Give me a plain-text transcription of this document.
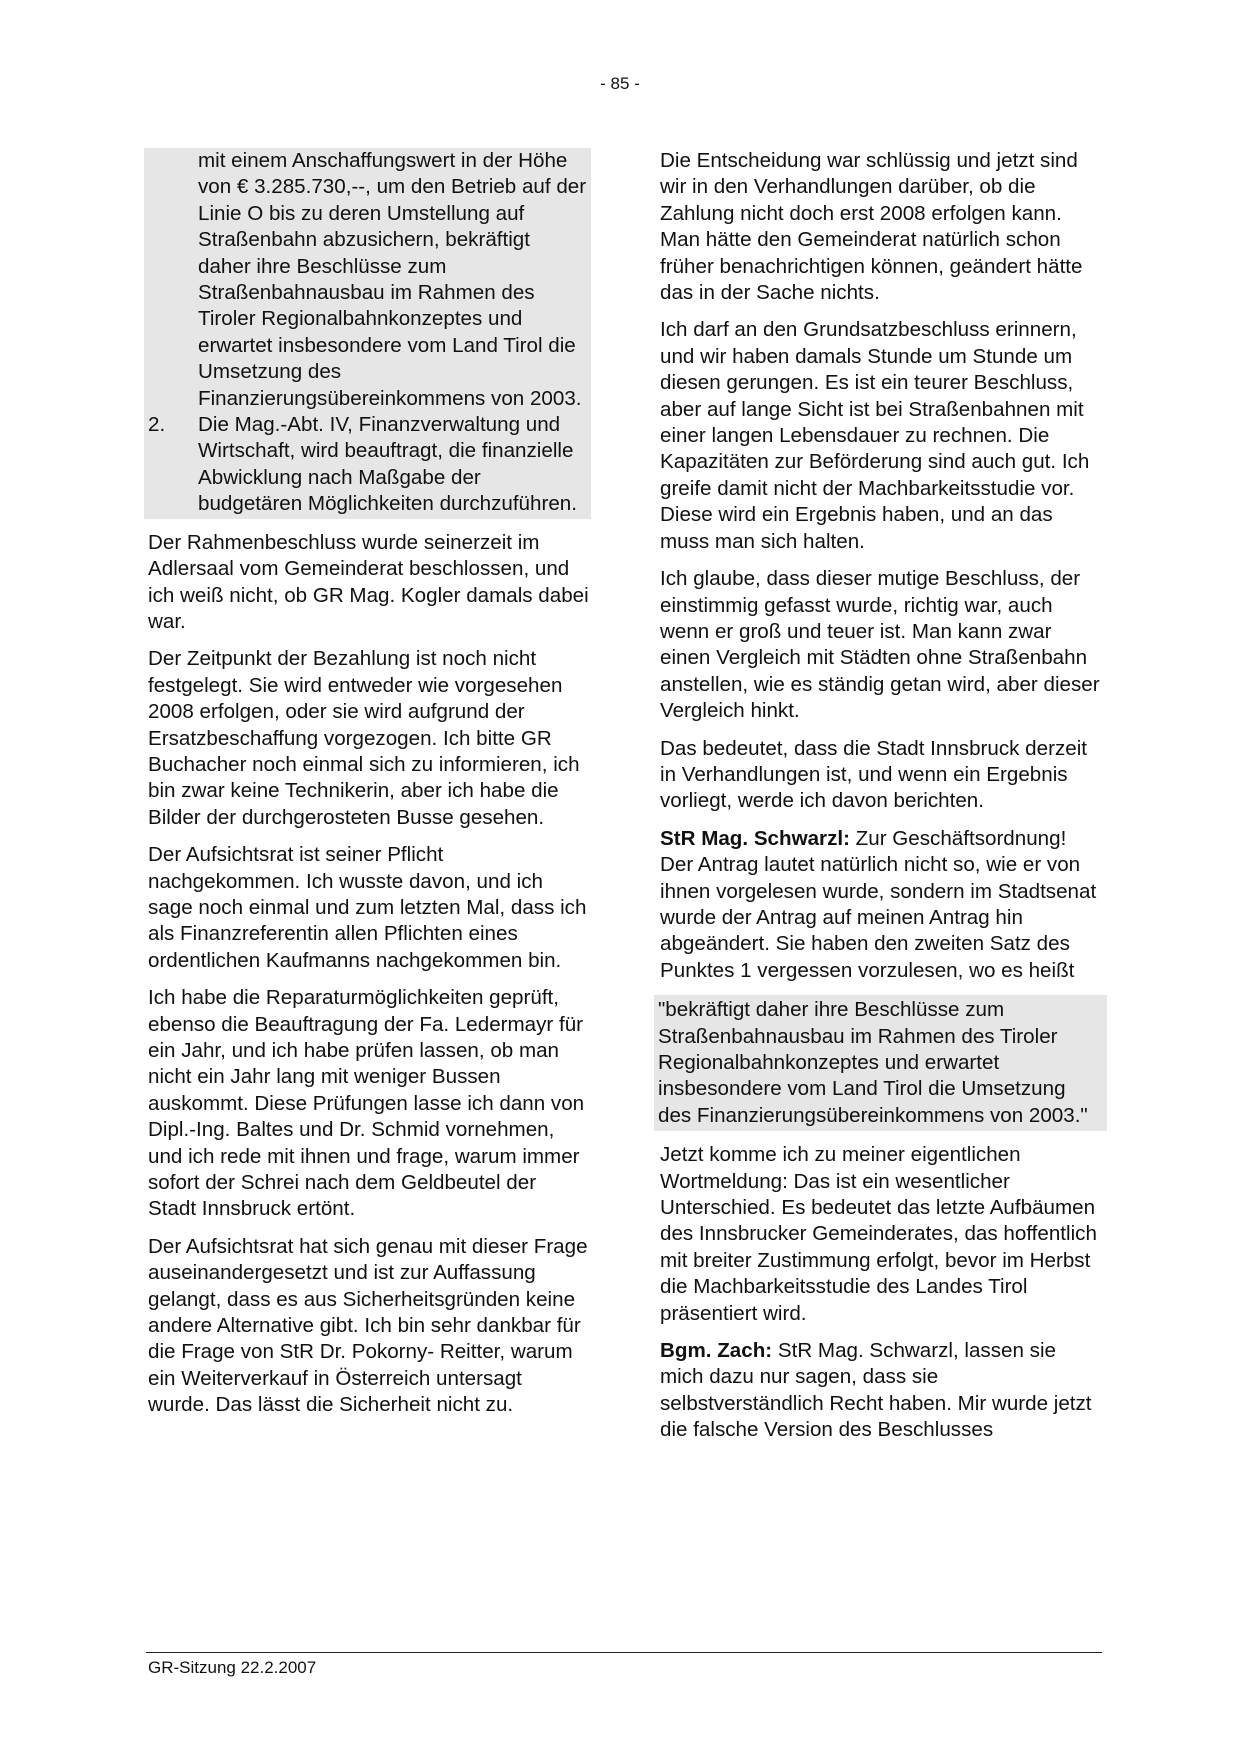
- 85 -

mit einem Anschaffungswert in der Höhe von € 3.285.730,--, um den Betrieb auf der Linie O bis zu deren Umstellung auf Straßenbahn abzusichern, bekräftigt daher ihre Beschlüsse zum Straßenbahnausbau im Rahmen des Tiroler Regionalbahnkonzeptes und erwartet insbesondere vom Land Tirol die Umsetzung des Finanzierungsübereinkommens von 2003.

2.	Die Mag.-Abt. IV, Finanzverwaltung und Wirtschaft, wird beauftragt, die finanzielle Abwicklung nach Maßgabe der budgetären Möglichkeiten durchzuführen.

Der Rahmenbeschluss wurde seinerzeit im Adlersaal vom Gemeinderat beschlossen, und ich weiß nicht, ob GR Mag. Kogler damals dabei war.

Der Zeitpunkt der Bezahlung ist noch nicht festgelegt. Sie wird entweder wie vorgesehen 2008 erfolgen, oder sie wird aufgrund der Ersatzbeschaffung vorgezogen. Ich bitte GR Buchacher noch einmal sich zu informieren, ich bin zwar keine Technikerin, aber ich habe die Bilder der durchgerosteten Busse gesehen.

Der Aufsichtsrat ist seiner Pflicht nachgekommen. Ich wusste davon, und ich sage noch einmal und zum letzten Mal, dass ich als Finanzreferentin allen Pflichten eines ordentlichen Kaufmanns nachgekommen bin.

Ich habe die Reparaturmöglichkeiten geprüft, ebenso die Beauftragung der Fa. Ledermayr für ein Jahr, und ich habe prüfen lassen, ob man nicht ein Jahr lang mit weniger Bussen auskommt. Diese Prüfungen lasse ich dann von Dipl.-Ing. Baltes und Dr. Schmid vornehmen, und ich rede mit ihnen und frage, warum immer sofort der Schrei nach dem Geldbeutel der Stadt Innsbruck ertönt.

Der Aufsichtsrat hat sich genau mit dieser Frage auseinandergesetzt und ist zur Auffassung gelangt, dass es aus Sicherheitsgründen keine andere Alternative gibt. Ich bin sehr dankbar für die Frage von StR Dr. Pokorny- Reitter, warum ein Weiterverkauf in Österreich untersagt wurde. Das lässt die Sicherheit nicht zu.

Die Entscheidung war schlüssig und jetzt sind wir in den Verhandlungen darüber, ob die Zahlung nicht doch erst 2008 erfolgen kann. Man hätte den Gemeinderat natürlich schon früher benachrichtigen können, geändert hätte das in der Sache nichts.

Ich darf an den Grundsatzbeschluss erinnern, und wir haben damals Stunde um Stunde um diesen gerungen. Es ist ein teurer Beschluss, aber auf lange Sicht ist bei Straßenbahnen mit einer langen Lebensdauer zu rechnen. Die Kapazitäten zur Beförderung sind auch gut. Ich greife damit nicht der Machbarkeitsstudie vor. Diese wird ein Ergebnis haben, und an das muss man sich halten.

Ich glaube, dass dieser mutige Beschluss, der einstimmig gefasst wurde, richtig war, auch wenn er groß und teuer ist. Man kann zwar einen Vergleich mit Städten ohne Straßenbahn anstellen, wie es ständig getan wird, aber dieser Vergleich hinkt.

Das bedeutet, dass die Stadt Innsbruck derzeit in Verhandlungen ist, und wenn ein Ergebnis vorliegt, werde ich davon berichten.

StR Mag. Schwarzl: Zur Geschäftsordnung! Der Antrag lautet natürlich nicht so, wie er von ihnen vorgelesen wurde, sondern im Stadtsenat wurde der Antrag auf meinen Antrag hin abgeändert. Sie haben den zweiten Satz des Punktes 1 vergessen vorzulesen, wo es heißt

"bekräftigt daher ihre Beschlüsse zum Straßenbahnausbau im Rahmen des Tiroler Regionalbahnkonzeptes und erwartet insbesondere vom Land Tirol die Umsetzung des Finanzierungsübereinkommens von 2003."

Jetzt komme ich zu meiner eigentlichen Wortmeldung: Das ist ein wesentlicher Unterschied. Es bedeutet das letzte Aufbäumen des Innsbrucker Gemeinderates, das hoffentlich mit breiter Zustimmung erfolgt, bevor im Herbst die Machbarkeitsstudie des Landes Tirol präsentiert wird.

Bgm. Zach: StR Mag. Schwarzl, lassen sie mich dazu nur sagen, dass sie selbstverständlich Recht haben. Mir wurde jetzt die falsche Version des Beschlusses

GR-Sitzung 22.2.2007
